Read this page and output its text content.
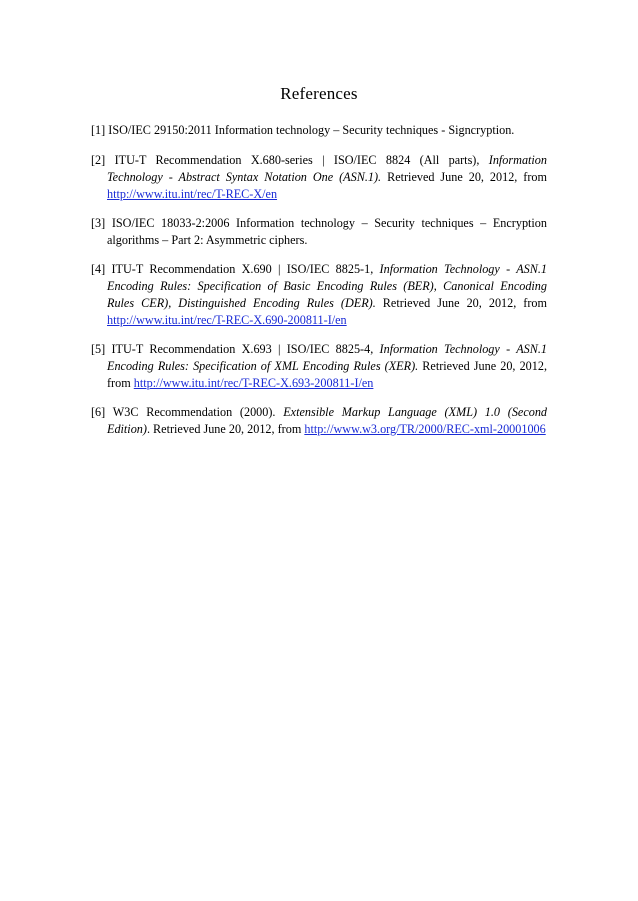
References

[1] ISO/IEC 29150:2011 Information technology – Security techniques - Signcryption.

[2] ITU-T Recommendation X.680-series | ISO/IEC 8824 (All parts), Information Technology - Abstract Syntax Notation One (ASN.1). Retrieved June 20, 2012, from http://www.itu.int/rec/T-REC-X/en

[3] ISO/IEC 18033-2:2006 Information technology – Security techniques – Encryption algorithms – Part 2: Asymmetric ciphers.

[4] ITU-T Recommendation X.690 | ISO/IEC 8825-1, Information Technology - ASN.1 Encoding Rules: Specification of Basic Encoding Rules (BER), Canonical Encoding Rules CER), Distinguished Encoding Rules (DER). Retrieved June 20, 2012, from http://www.itu.int/rec/T-REC-X.690-200811-I/en

[5] ITU-T Recommendation X.693 | ISO/IEC 8825-4, Information Technology - ASN.1 Encoding Rules: Specification of XML Encoding Rules (XER). Retrieved June 20, 2012, from http://www.itu.int/rec/T-REC-X.693-200811-I/en

[6] W3C Recommendation (2000). Extensible Markup Language (XML) 1.0 (Second Edition). Retrieved June 20, 2012, from http://www.w3.org/TR/2000/REC-xml-20001006
